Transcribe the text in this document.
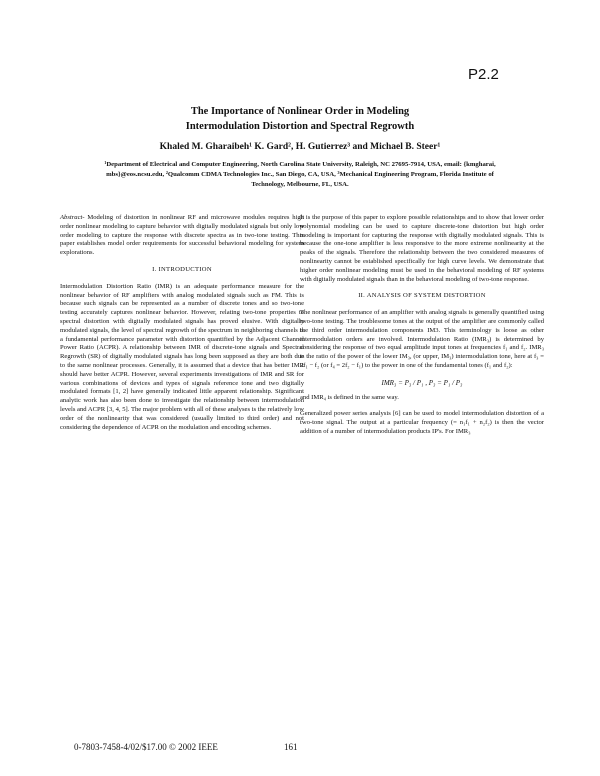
P2.2
The Importance of Nonlinear Order in Modeling
Intermodulation Distortion and Spectral Regrowth
Khaled M. Gharaibeh¹ K. Gard², H. Gutierrez³ and Michael B. Steer¹
¹Department of Electrical and Computer Engineering, North Carolina State University, Raleigh, NC 27695-7914, USA, email: {kmgharai, mbs}@eos.ncsu.edu, ²Qualcomm CDMA Technologies Inc., San Diego, CA, USA, ³Mechanical Engineering Program, Florida Institute of Technology, Melbourne, FL, USA.

Abstract- Modeling of distortion in nonlinear RF and microwave modules requires high order nonlinear modeling to capture behavior with digitally modulated signals but only low order modeling to capture the response with discrete spectra as in two-tone testing. This paper establishes model order requirements for successful behavioral modeling for system explorations.

I. INTRODUCTION

Intermodulation Distortion Ratio (IMR) is an adequate performance measure for the nonlinear behavior of RF amplifiers with analog modulated signals such as FM. This is because such signals can be represented as a number of discrete tones and so two-tone testing accurately captures nonlinear behavior. However, relating two-tone properties to spectral distortion with digitally modulated signals has proved elusive. With digitally modulated signals, the level of spectral regrowth of the spectrum in neighboring channels is a fundamental performance parameter with distortion quantified by the Adjacent Channel Power Ratio (ACPR). A relationship between IMR of discrete-tone signals and Spectral Regrowth (SR) of digitally modulated signals has long been supposed as they are both due to the same nonlinear processes. Generally, it is assumed that a device that has better IMR should have better ACPR. However, several experiments investigations of IMR and SR for various combinations of devices and types of signals reference tone and two digitally modulated formats [1, 2] have generally indicated little apparent relationship. Significant analytic work has also been done to investigate the relationship between intermodulation levels and ACPR [3, 4, 5]. The major problem with all of these analyses is the relatively low order of the nonlinearity that was considered (usually limited to third order) and not considering the dependence of ACPR on the modulation and encoding schemes.

It is the purpose of this paper to explore possible relationships and to show that lower order polynomial modeling can be used to capture discrete-tone distortion but high order modeling is important for capturing the response with digitally modulated signals. This is because the one-tone amplifier is less responsive to the more extreme nonlinearity at the peaks of the signals. Therefore the relationship between the two considered measures of nonlinearity cannot be established specifically for high curve levels. We demonstrate that higher order nonlinear modeling must be used in the behavioral modeling of RF systems with digitally modulated signals than in the behavioral modeling of two-tone response.

II. ANALYSIS OF SYSTEM DISTORTION

The nonlinear performance of an amplifier with analog signals is generally quantified using two-tone testing. The troublesome tones at the output of the amplifier are commonly called the third order intermodulation components IM3. This terminology is loose as other intermodulation orders are involved. Intermodulation Ratio (IMR₃) is determined by considering the response of two equal amplitude input tones at frequencies f₁ and f₂. IMR₃ is the ratio of the power of the lower IM₃, (or upper, IM₃) intermodulation tone, here at f₃ = 2f₁ − f₂ (or f₄ = 2f₂ − f₁) to the power in one of the fundamental tones (f₁ and f₂):

IMR₃ = P₃ / P₁ , P₃ = P₁ / P₃

and IMR₄ is defined in the same way.

Generalized power series analysis [6] can be used to model intermodulation distortion of a two-tone signal. The output at a particular frequency (= n₁f₁ + n₂f₂) is then the vector addition of a number of intermodulation products IP's. For IMR₃

0-7803-7458-4/02/$17.00 © 2002 IEEE	161
